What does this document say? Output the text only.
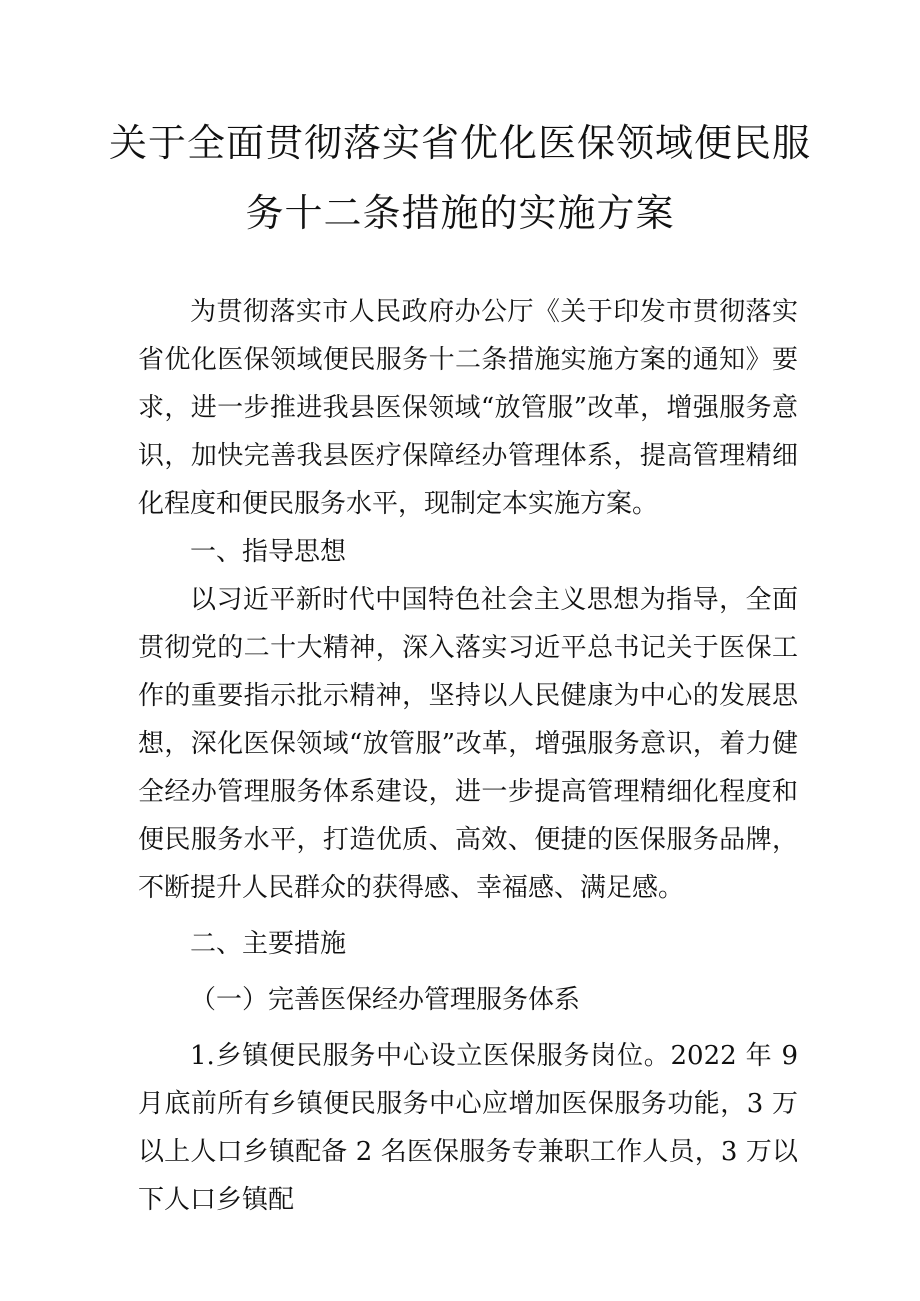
关于全面贯彻落实省优化医保领域便民服
务十二条措施的实施方案

为贯彻落实市人民政府办公厅《关于印发市贯彻落实省优化医保领域便民服务十二条措施实施方案的通知》要求，进一步推进我县医保领域“放管服”改革，增强服务意识，加快完善我县医疗保障经办管理体系，提高管理精细化程度和便民服务水平，现制定本实施方案。

一、指导思想

以习近平新时代中国特色社会主义思想为指导，全面贯彻党的二十大精神，深入落实习近平总书记关于医保工作的重要指示批示精神，坚持以人民健康为中心的发展思想，深化医保领域“放管服”改革，增强服务意识，着力健全经办管理服务体系建设，进一步提高管理精细化程度和便民服务水平，打造优质、高效、便捷的医保服务品牌，不断提升人民群众的获得感、幸福感、满足感。

二、主要措施

（一）完善医保经办管理服务体系

1.乡镇便民服务中心设立医保服务岗位。2022 年 9 月底前所有乡镇便民服务中心应增加医保服务功能，3 万以上人口乡镇配备 2 名医保服务专兼职工作人员，3 万以下人口乡镇配
